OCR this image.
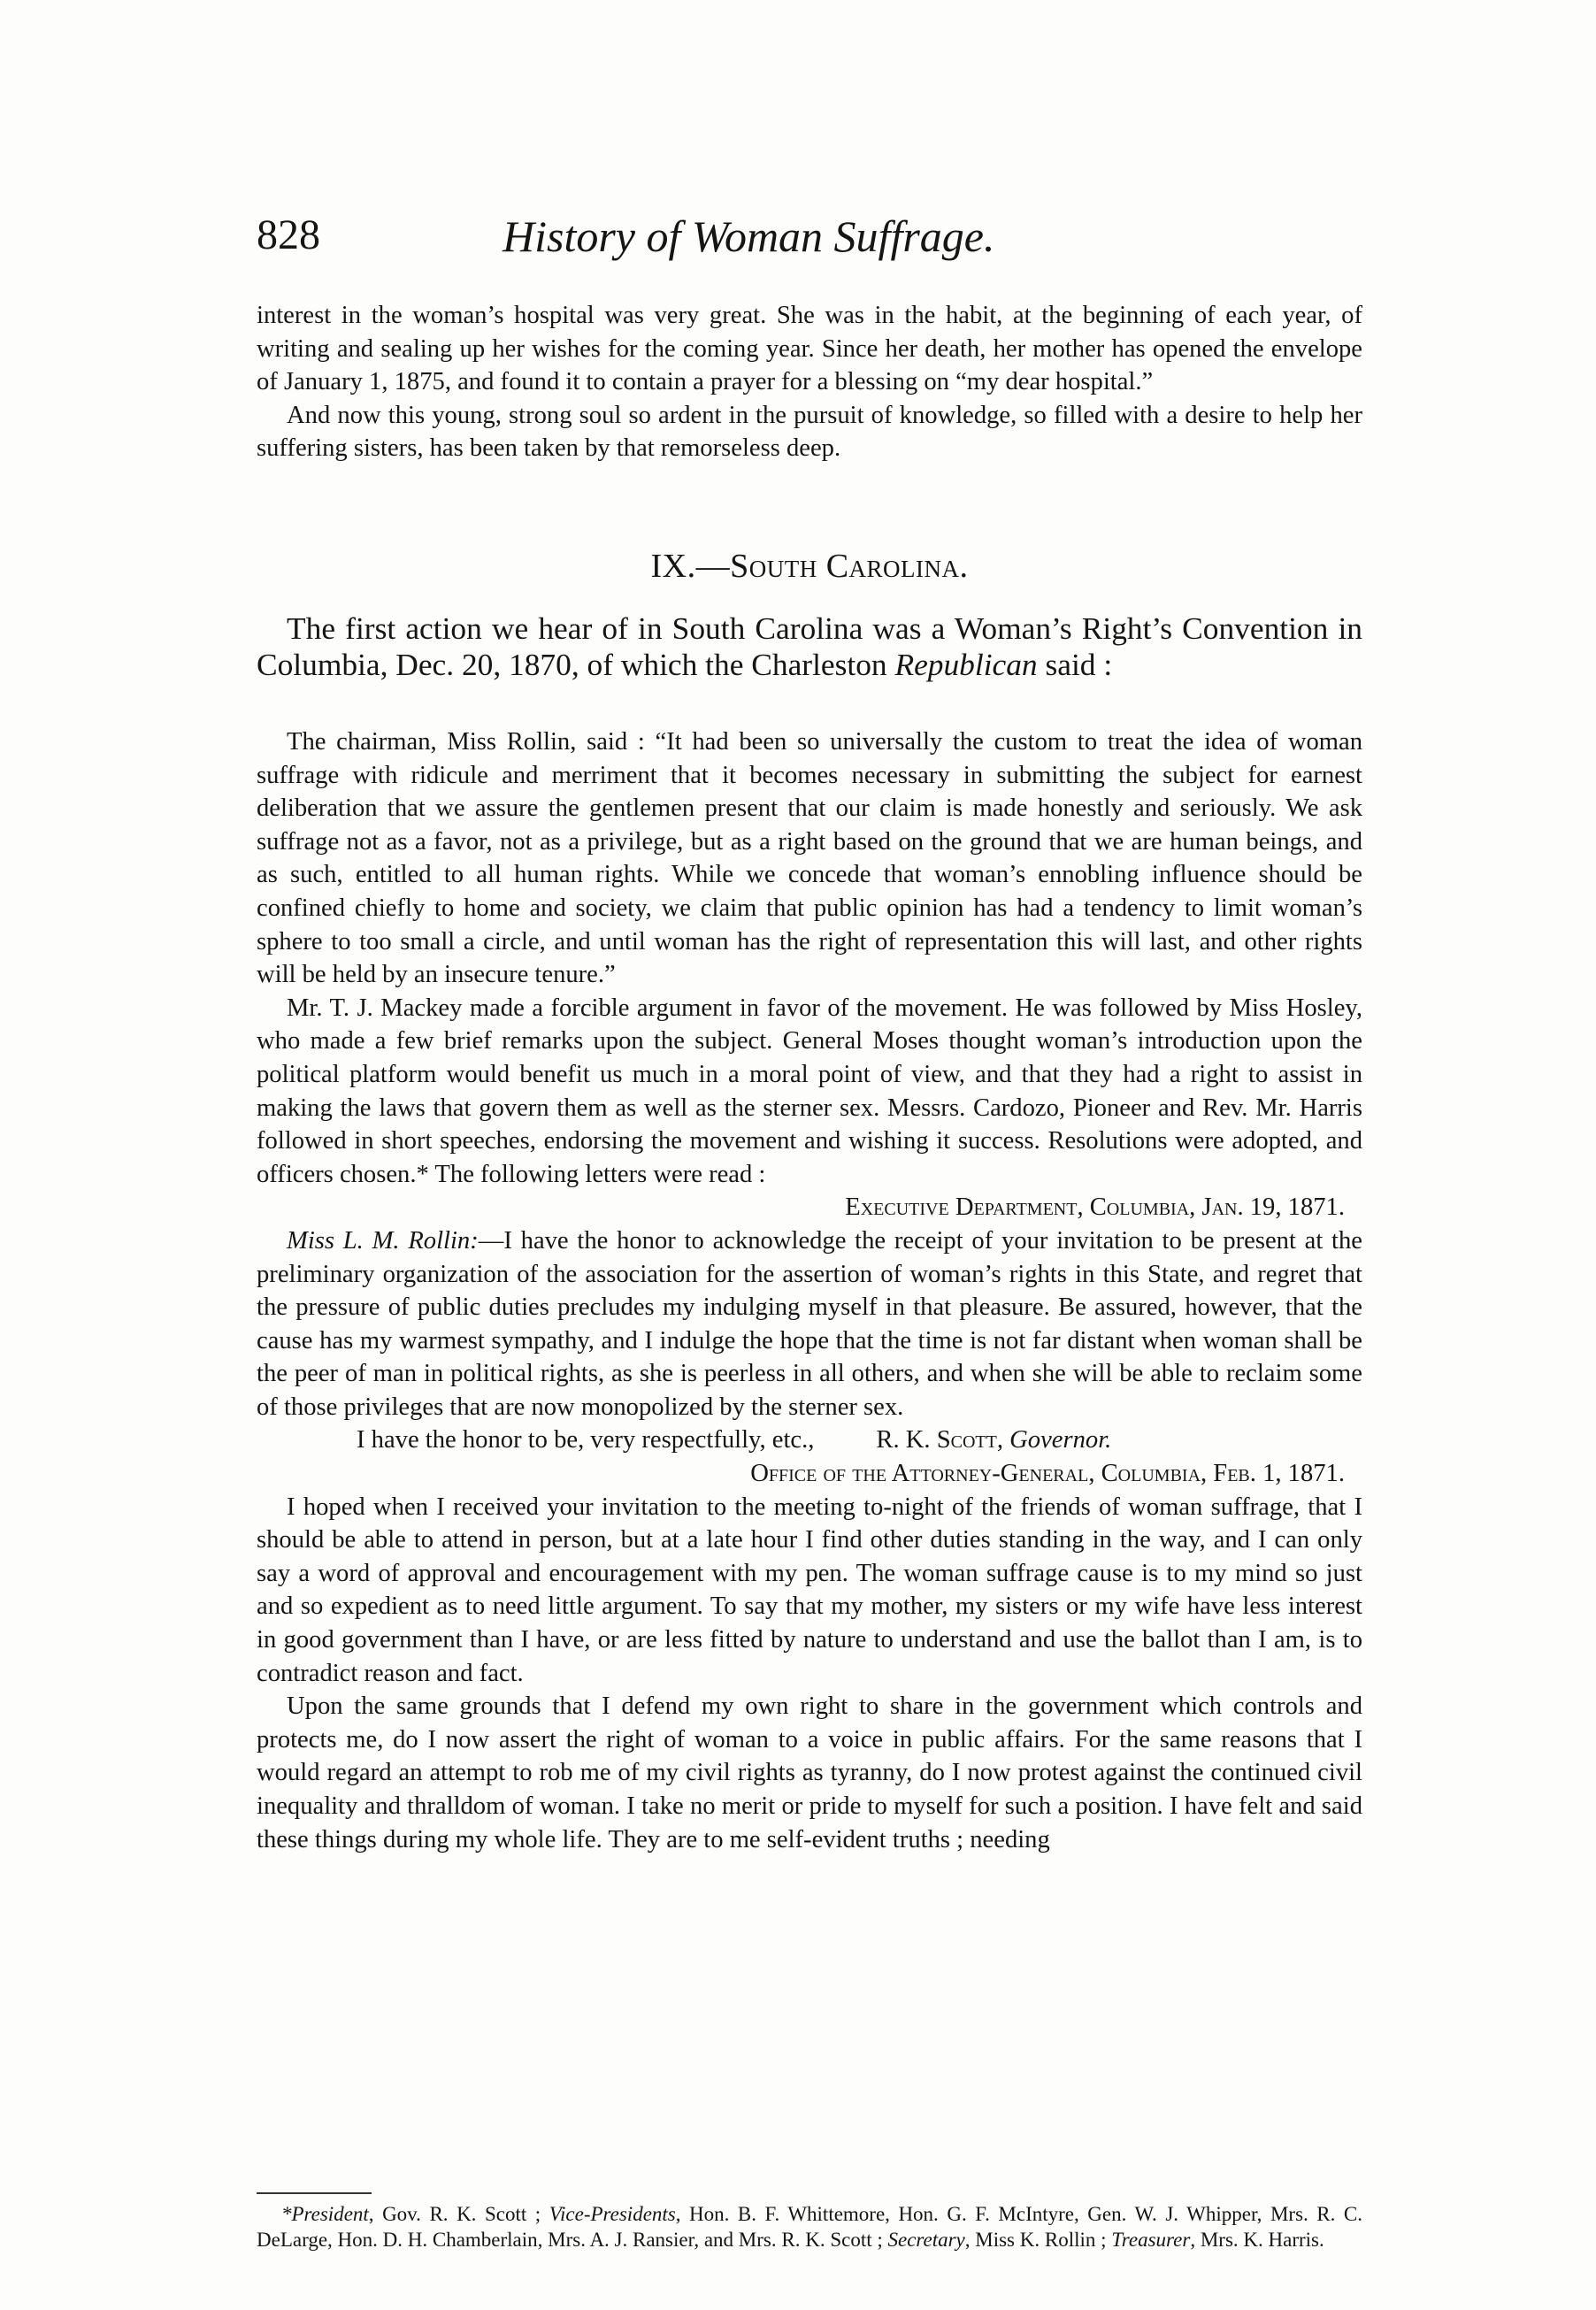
828	History of Woman Suffrage.

interest in the woman’s hospital was very great. She was in the habit, at the beginning of each year, of writing and sealing up her wishes for the coming year. Since her death, her mother has opened the envelope of January 1, 1875, and found it to contain a prayer for a blessing on “my dear hospital.”

And now this young, strong soul so ardent in the pursuit of knowledge, so filled with a desire to help her suffering sisters, has been taken by that remorseless deep.

IX.—South Carolina.
The first action we hear of in South Carolina was a Woman’s Right’s Convention in Columbia, Dec. 20, 1870, of which the Charleston Republican said :

The chairman, Miss Rollin, said : “It had been so universally the custom to treat the idea of woman suffrage with ridicule and merriment that it becomes necessary in submitting the subject for earnest deliberation that we assure the gentlemen present that our claim is made honestly and seriously. We ask suffrage not as a favor, not as a privilege, but as a right based on the ground that we are human beings, and as such, entitled to all human rights. While we concede that woman’s ennobling influence should be confined chiefly to home and society, we claim that public opinion has had a tendency to limit woman’s sphere to too small a circle, and until woman has the right of representation this will last, and other rights will be held by an insecure tenure.”

Mr. T. J. Mackey made a forcible argument in favor of the movement. He was followed by Miss Hosley, who made a few brief remarks upon the subject. General Moses thought woman’s introduction upon the political platform would benefit us much in a moral point of view, and that they had a right to assist in making the laws that govern them as well as the sterner sex. Messrs. Cardozo, Pioneer and Rev. Mr. Harris followed in short speeches, endorsing the movement and wishing it success. Resolutions were adopted, and officers chosen.* The following letters were read :

Executive Department, Columbia, Jan. 19, 1871.

Miss L. M. Rollin:—I have the honor to acknowledge the receipt of your invitation to be present at the preliminary organization of the association for the assertion of woman’s rights in this State, and regret that the pressure of public duties precludes my indulging myself in that pleasure. Be assured, however, that the cause has my warmest sympathy, and I indulge the hope that the time is not far distant when woman shall be the peer of man in political rights, as she is peerless in all others, and when she will be able to reclaim some of those privileges that are now monopolized by the sterner sex.

I have the honor to be, very respectfully, etc., R. K. Scott, Governor.

Office of the Attorney-General, Columbia, Feb. 1, 1871.

I hoped when I received your invitation to the meeting to-night of the friends of woman suffrage, that I should be able to attend in person, but at a late hour I find other duties standing in the way, and I can only say a word of approval and encouragement with my pen. The woman suffrage cause is to my mind so just and so expedient as to need little argument. To say that my mother, my sisters or my wife have less interest in good government than I have, or are less fitted by nature to understand and use the ballot than I am, is to contradict reason and fact.

Upon the same grounds that I defend my own right to share in the government which controls and protects me, do I now assert the right of woman to a voice in public affairs. For the same reasons that I would regard an attempt to rob me of my civil rights as tyranny, do I now protest against the continued civil inequality and thralldom of woman. I take no merit or pride to myself for such a position. I have felt and said these things during my whole life. They are to me self-evident truths ; needing

*President, Gov. R. K. Scott ; Vice-Presidents, Hon. B. F. Whittemore, Hon. G. F. McIntyre, Gen. W. J. Whipper, Mrs. R. C. DeLarge, Hon. D. H. Chamberlain, Mrs. A. J. Ransier, and Mrs. R. K. Scott ; Secretary, Miss K. Rollin ; Treasurer, Mrs. K. Harris.
